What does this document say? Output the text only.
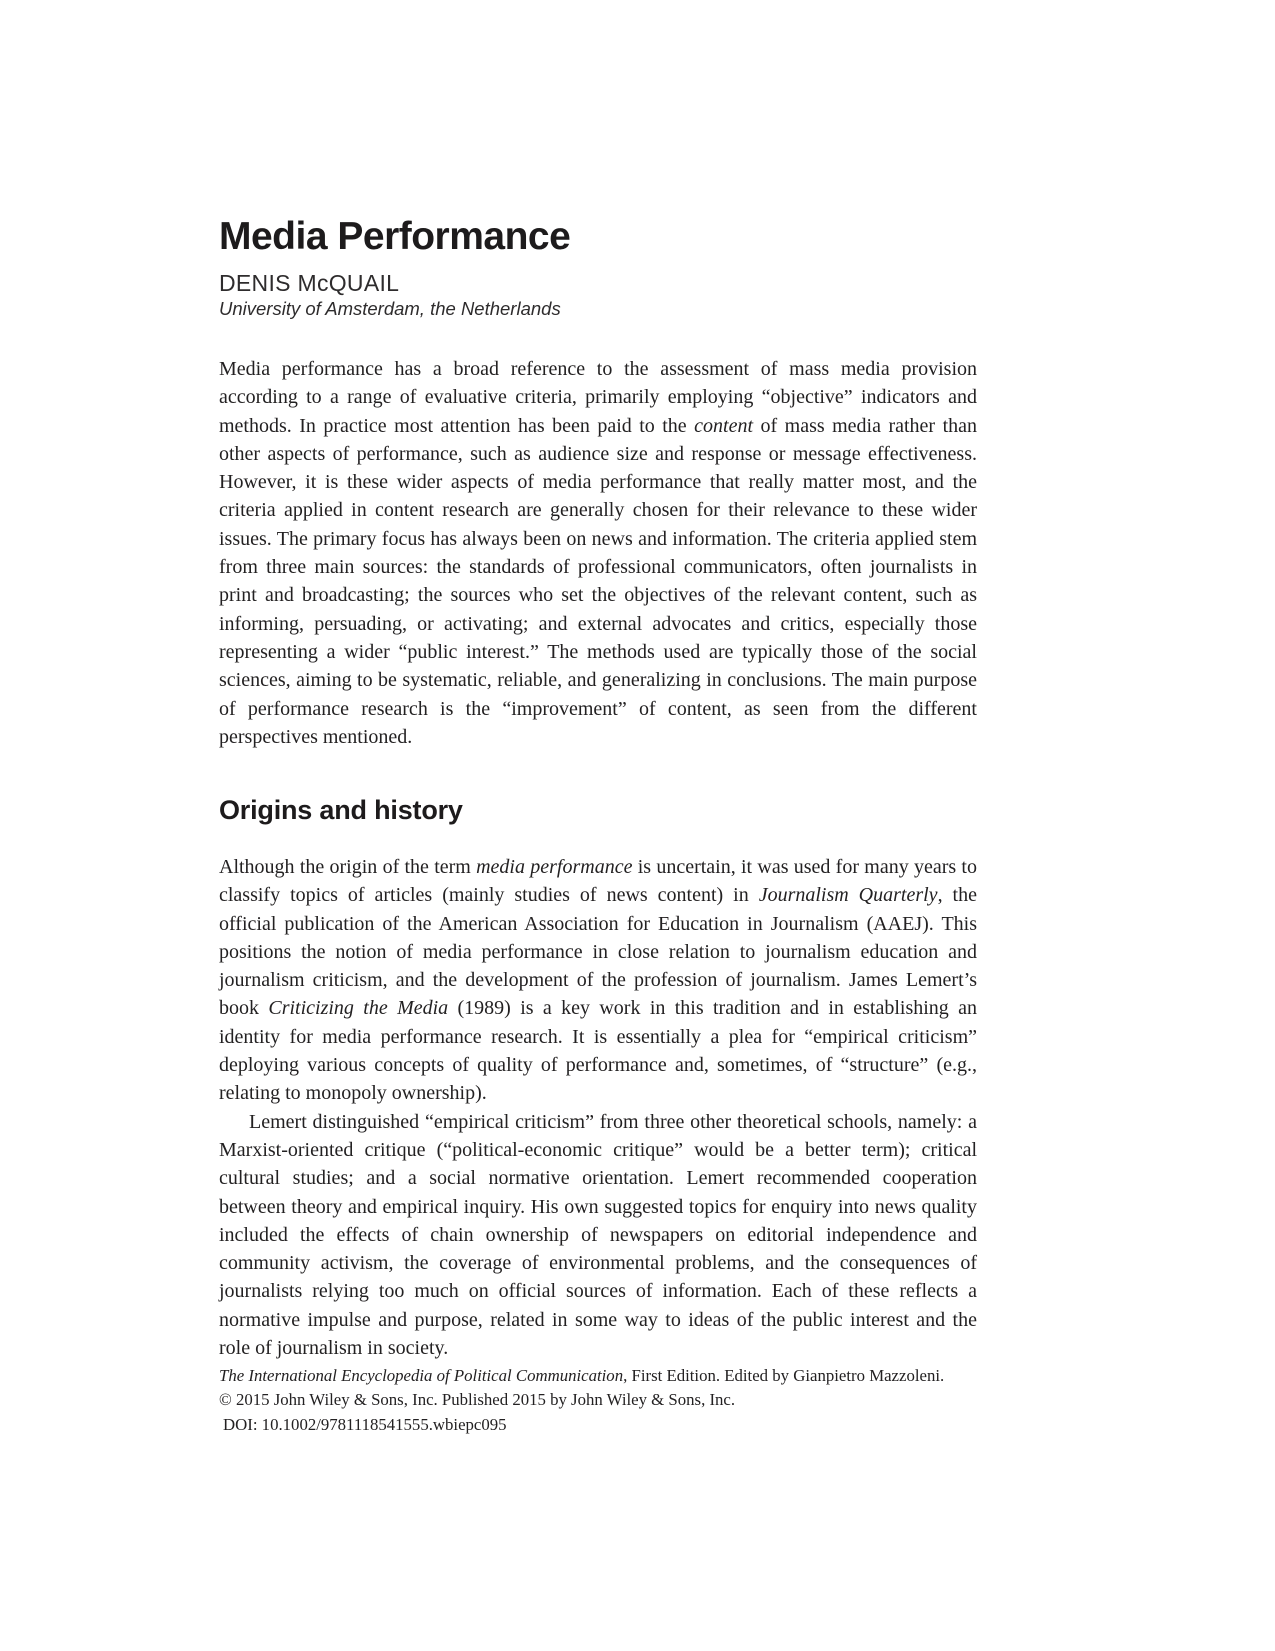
Media Performance
DENIS McQUAIL
University of Amsterdam, the Netherlands

Media performance has a broad reference to the assessment of mass media provision according to a range of evaluative criteria, primarily employing “objective” indicators and methods. In practice most attention has been paid to the content of mass media rather than other aspects of performance, such as audience size and response or message effectiveness. However, it is these wider aspects of media performance that really matter most, and the criteria applied in content research are generally chosen for their relevance to these wider issues. The primary focus has always been on news and information. The criteria applied stem from three main sources: the standards of professional communicators, often journalists in print and broadcasting; the sources who set the objectives of the relevant content, such as informing, persuading, or activating; and external advocates and critics, especially those representing a wider “public interest.” The methods used are typically those of the social sciences, aiming to be systematic, reliable, and generalizing in conclusions. The main purpose of performance research is the “improvement” of content, as seen from the different perspectives mentioned.

Origins and history

Although the origin of the term media performance is uncertain, it was used for many years to classify topics of articles (mainly studies of news content) in Journalism Quarterly, the official publication of the American Association for Education in Journalism (AAEJ). This positions the notion of media performance in close relation to journalism education and journalism criticism, and the development of the profession of journalism. James Lemert’s book Criticizing the Media (1989) is a key work in this tradition and in establishing an identity for media performance research. It is essentially a plea for “empirical criticism” deploying various concepts of quality of performance and, sometimes, of “structure” (e.g., relating to monopoly ownership).

Lemert distinguished “empirical criticism” from three other theoretical schools, namely: a Marxist-oriented critique (“political-economic critique” would be a better term); critical cultural studies; and a social normative orientation. Lemert recommended cooperation between theory and empirical inquiry. His own suggested topics for enquiry into news quality included the effects of chain ownership of newspapers on editorial independence and community activism, the coverage of environmental problems, and the consequences of journalists relying too much on official sources of information. Each of these reflects a normative impulse and purpose, related in some way to ideas of the public interest and the role of journalism in society.

The International Encyclopedia of Political Communication, First Edition. Edited by Gianpietro Mazzoleni.
© 2015 John Wiley & Sons, Inc. Published 2015 by John Wiley & Sons, Inc.
DOI: 10.1002/9781118541555.wbiepc095
